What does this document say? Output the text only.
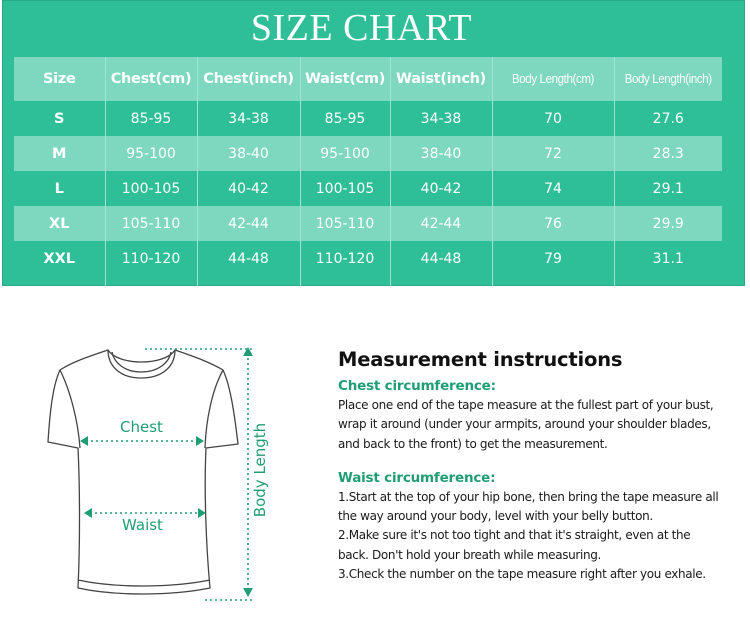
SIZE CHART
Size	Chest(cm)	Chest(inch)	Waist(cm)	Waist(inch)	Body Length(cm)	Body Length(inch)
S	85-95	34-38	85-95	34-38	70	27.6
M	95-100	38-40	95-100	38-40	72	28.3
L	100-105	40-42	100-105	40-42	74	29.1
XL	105-110	42-44	105-110	42-44	76	29.9
XXL	110-120	44-48	110-120	44-48	79	31.1

Chest
Waist
Body Length
Measurement instructions
Chest circumference:
Place one end of the tape measure at the fullest part of your bust,
wrap it around (under your armpits, around your shoulder blades,
and back to the front) to get the measurement.
Waist circumference:
1.Start at the top of your hip bone, then bring the tape measure all
the way around your body, level with your belly button.
2.Make sure it's not too tight and that it's straight, even at the
back. Don't hold your breath while measuring.
3.Check the number on the tape measure right after you exhale.
